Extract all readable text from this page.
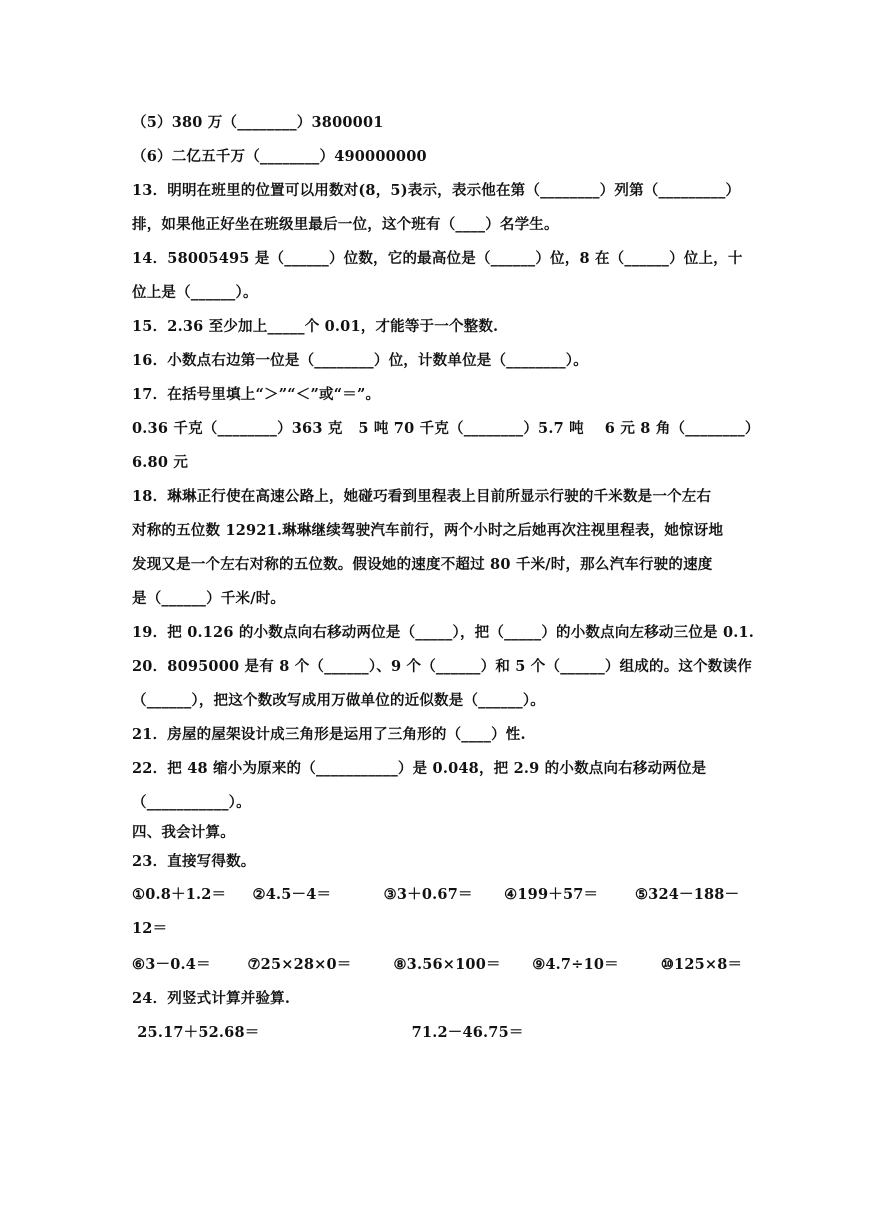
（5）380 万（________）3800001
（6）二亿五千万（________）490000000
13．明明在班里的位置可以用数对(8，5)表示，表示他在第（________）列第（_________）
排，如果他正好坐在班级里最后一位，这个班有（____）名学生。
14．58005495 是（______）位数，它的最高位是（______）位，8 在（______）位上，十
位上是（______）。
15．2.36 至少加上_____个 0.01，才能等于一个整数.
16．小数点右边第一位是（________）位，计数单位是（________）。
17．在括号里填上“＞”“＜”或“＝”。
0.36 千克（________）363 克   5 吨 70 千克（________）5.7 吨    6 元 8 角（________）
6.80 元
18．琳琳正行使在高速公路上，她碰巧看到里程表上目前所显示行驶的千米数是一个左右
对称的五位数 12921.琳琳继续驾驶汽车前行，两个小时之后她再次注视里程表，她惊讶地
发现又是一个左右对称的五位数。假设她的速度不超过 80 千米/时，那么汽车行驶的速度
是（______）千米/时。
19．把 0.126 的小数点向右移动两位是（_____），把（_____）的小数点向左移动三位是 0.1.
20．8095000 是有 8 个（______）、9 个（______）和 5 个（______）组成的。这个数读作
（______），把这个数改写成用万做单位的近似数是（______）。
21．房屋的屋架设计成三角形是运用了三角形的（____）性.
22．把 48 缩小为原来的（___________）是 0.048，把 2.9 的小数点向右移动两位是
（___________）。
四、我会计算。
23．直接写得数。
①0.8＋1.2＝     ②4.5－4＝          ③3＋0.67＝      ④199＋57＝       ⑤324－188－
12＝
⑥3－0.4＝       ⑦25×28×0＝        ⑧3.56×100＝      ⑨4.7÷10＝        ⑩125×8＝
24．列竖式计算并验算.
25.17＋52.68＝                             71.2－46.75＝
